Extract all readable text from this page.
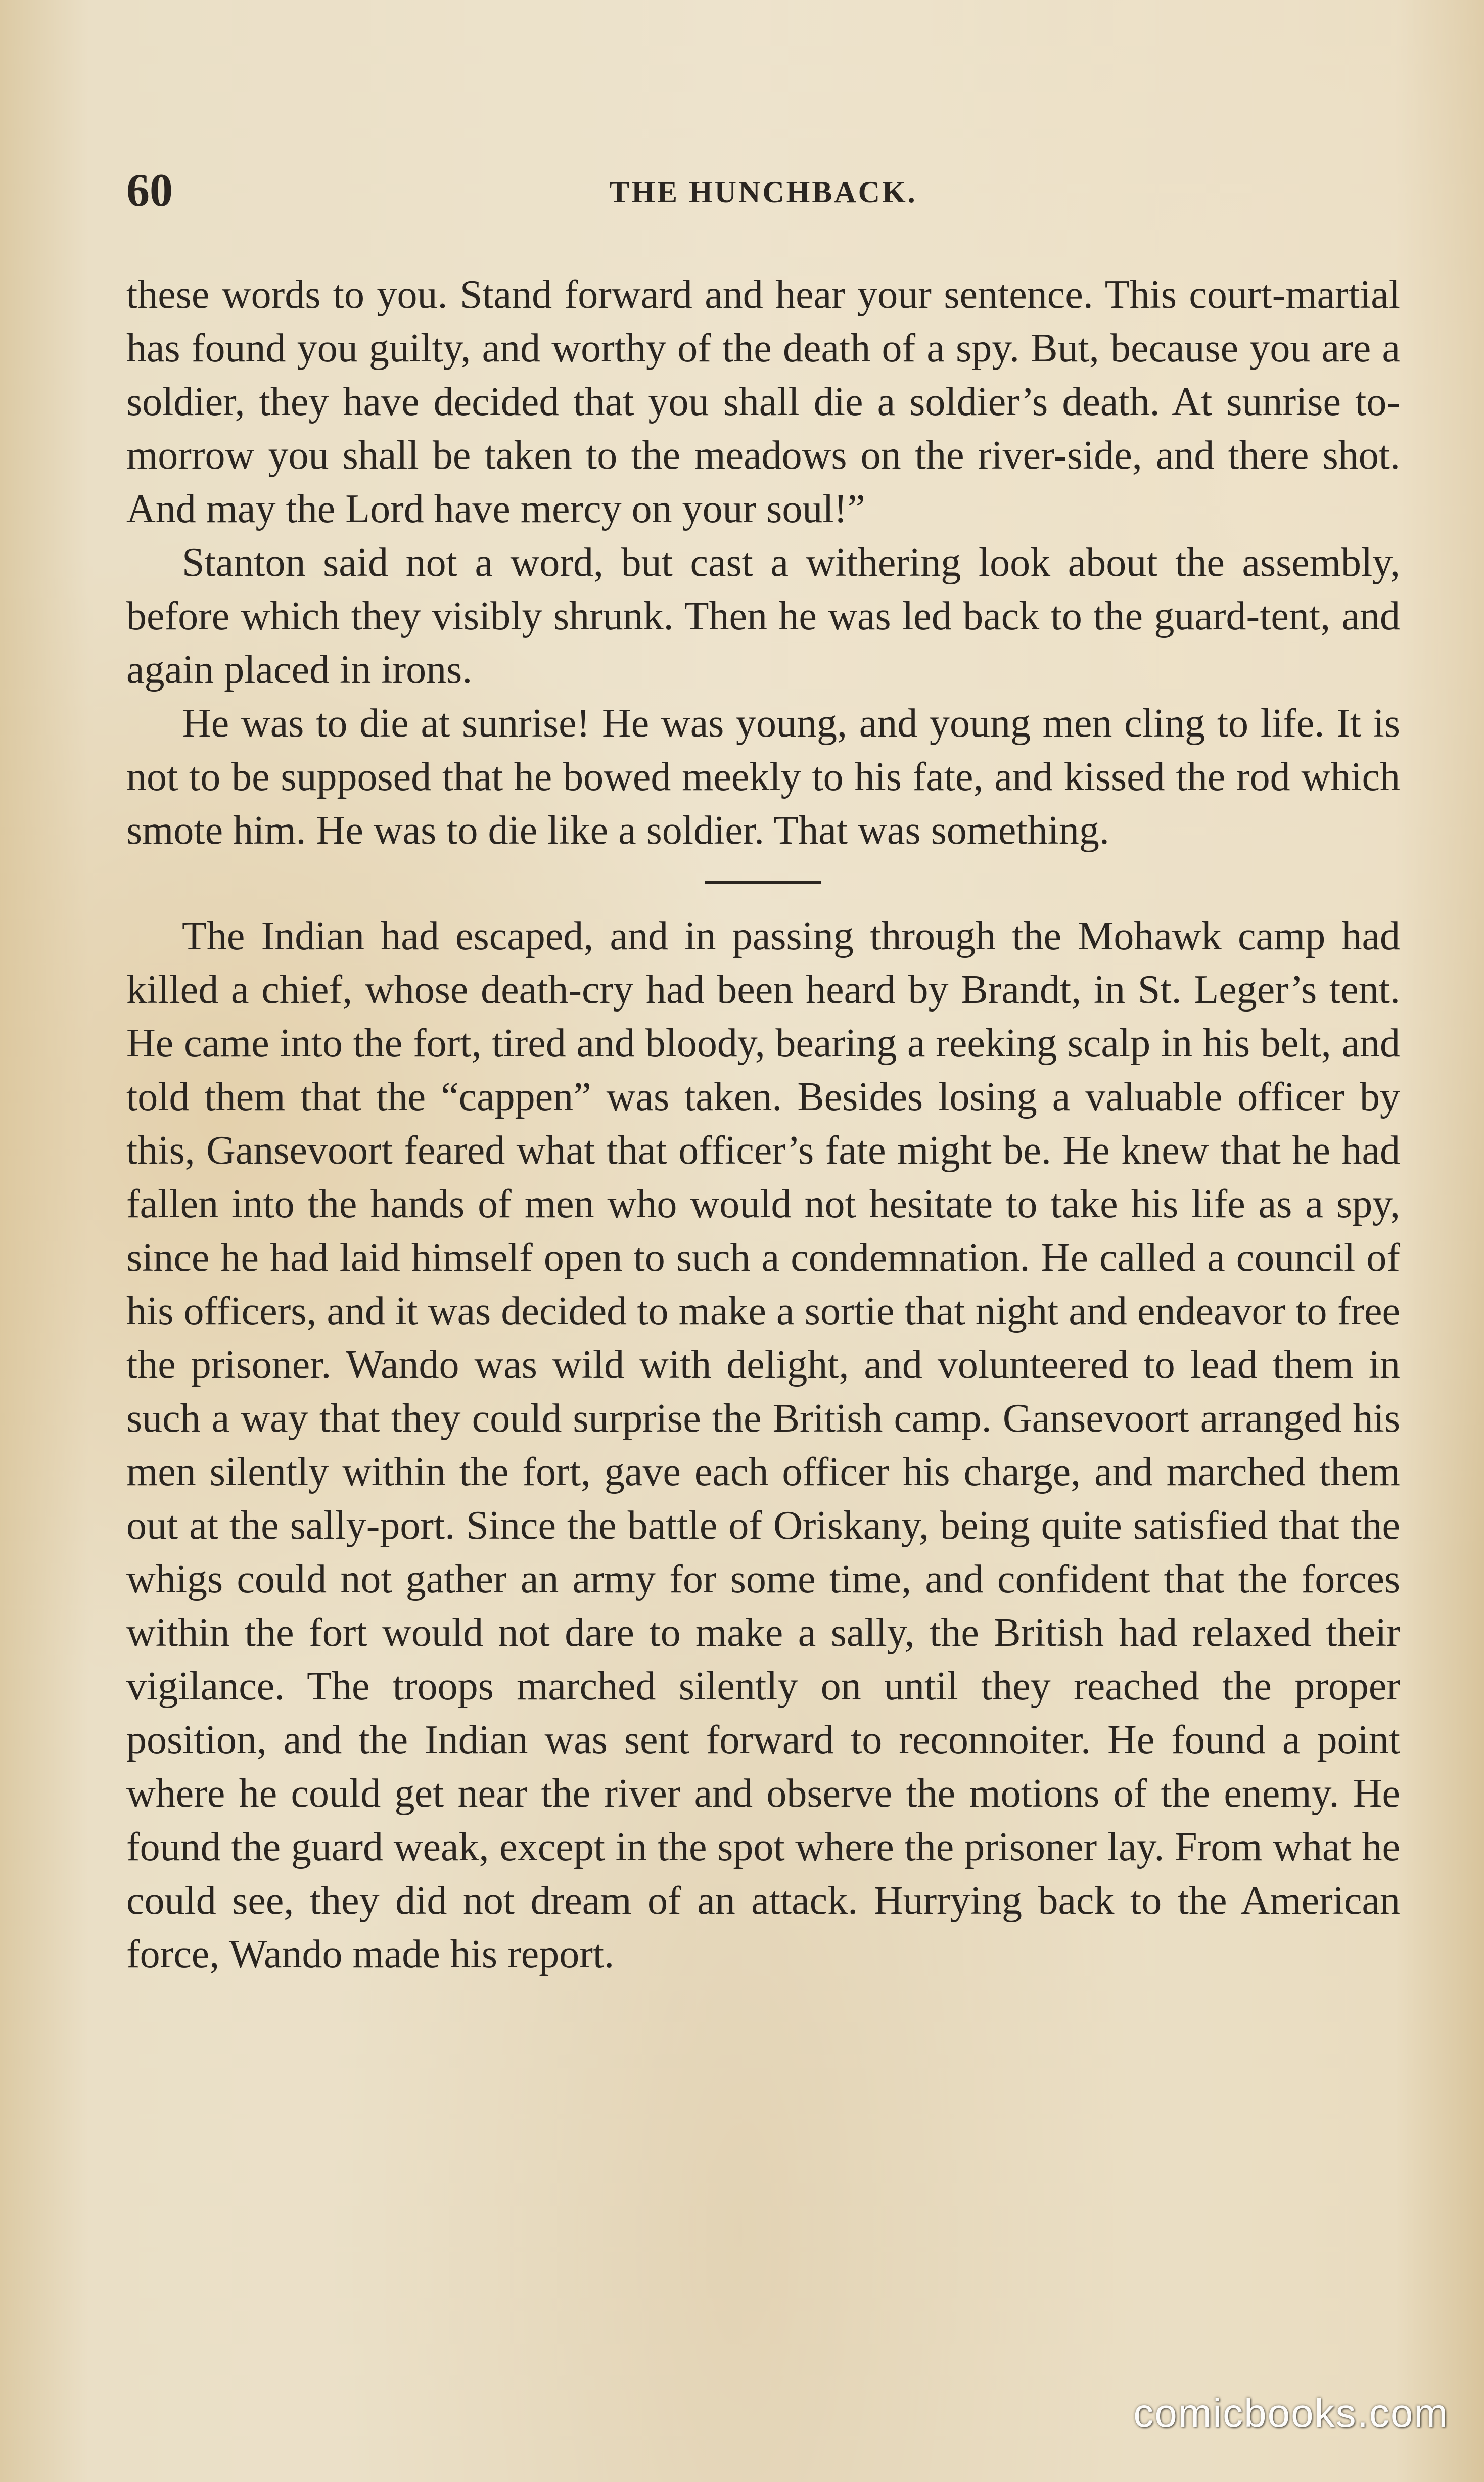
60	THE HUNCHBACK.

these words to you. Stand forward and hear your sentence. This court-martial has found you guilty, and worthy of the death of a spy. But, because you are a soldier, they have decided that you shall die a soldier’s death. At sunrise to-morrow you shall be taken to the meadows on the river-side, and there shot. And may the Lord have mercy on your soul!”

Stanton said not a word, but cast a withering look about the assembly, before which they visibly shrunk. Then he was led back to the guard-tent, and again placed in irons.

He was to die at sunrise! He was young, and young men cling to life. It is not to be supposed that he bowed meekly to his fate, and kissed the rod which smote him. He was to die like a soldier. That was something.

The Indian had escaped, and in passing through the Mohawk camp had killed a chief, whose death-cry had been heard by Brandt, in St. Leger’s tent. He came into the fort, tired and bloody, bearing a reeking scalp in his belt, and told them that the “cappen” was taken. Besides losing a valuable officer by this, Gansevoort feared what that officer’s fate might be. He knew that he had fallen into the hands of men who would not hesitate to take his life as a spy, since he had laid himself open to such a condemnation. He called a council of his officers, and it was decided to make a sortie that night and endeavor to free the prisoner. Wando was wild with delight, and volunteered to lead them in such a way that they could surprise the British camp. Gansevoort arranged his men silently within the fort, gave each officer his charge, and marched them out at the sally-port. Since the battle of Oriskany, being quite satisfied that the whigs could not gather an army for some time, and confident that the forces within the fort would not dare to make a sally, the British had relaxed their vigilance. The troops marched silently on until they reached the proper position, and the Indian was sent forward to reconnoiter. He found a point where he could get near the river and observe the motions of the enemy. He found the guard weak, except in the spot where the prisoner lay. From what he could see, they did not dream of an attack. Hurrying back to the American force, Wando made his report.

comicbooks.com
